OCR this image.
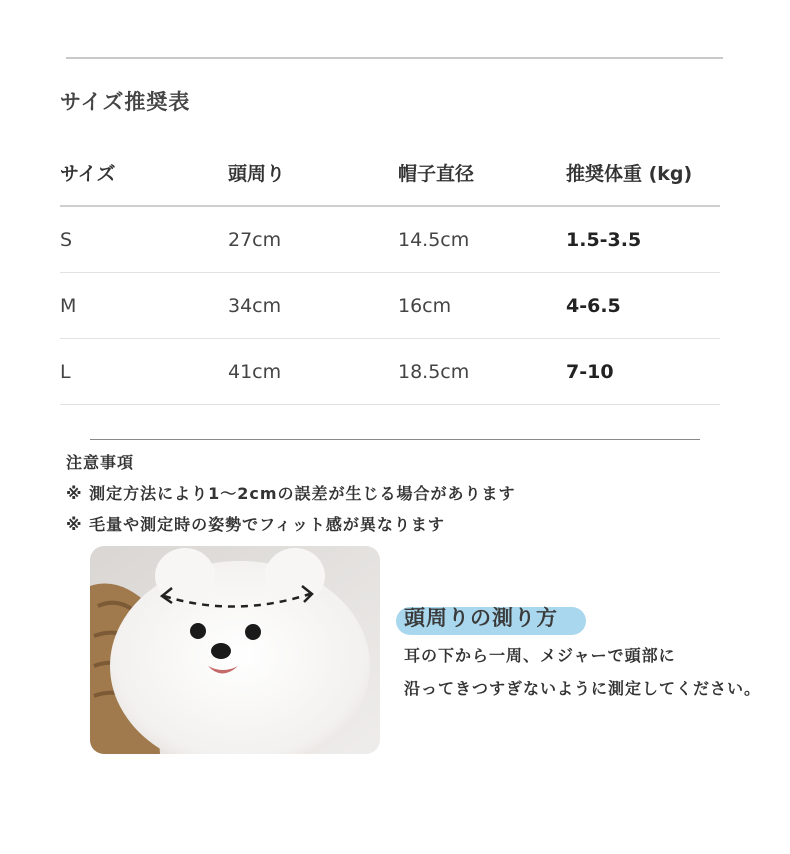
サイズ推奨表
サイズ	頭周り	帽子直径	推奨体重 (kg)
S	27cm	14.5cm	1.5-3.5
M	34cm	16cm	4-6.5
L	41cm	18.5cm	7-10
注意事項
※ 測定方法により1～2cmの誤差が生じる場合があります
※ 毛量や測定時の姿勢でフィット感が異なります
頭周りの測り方
耳の下から一周、メジャーで頭部に
沿ってきつすぎないように測定してください。
